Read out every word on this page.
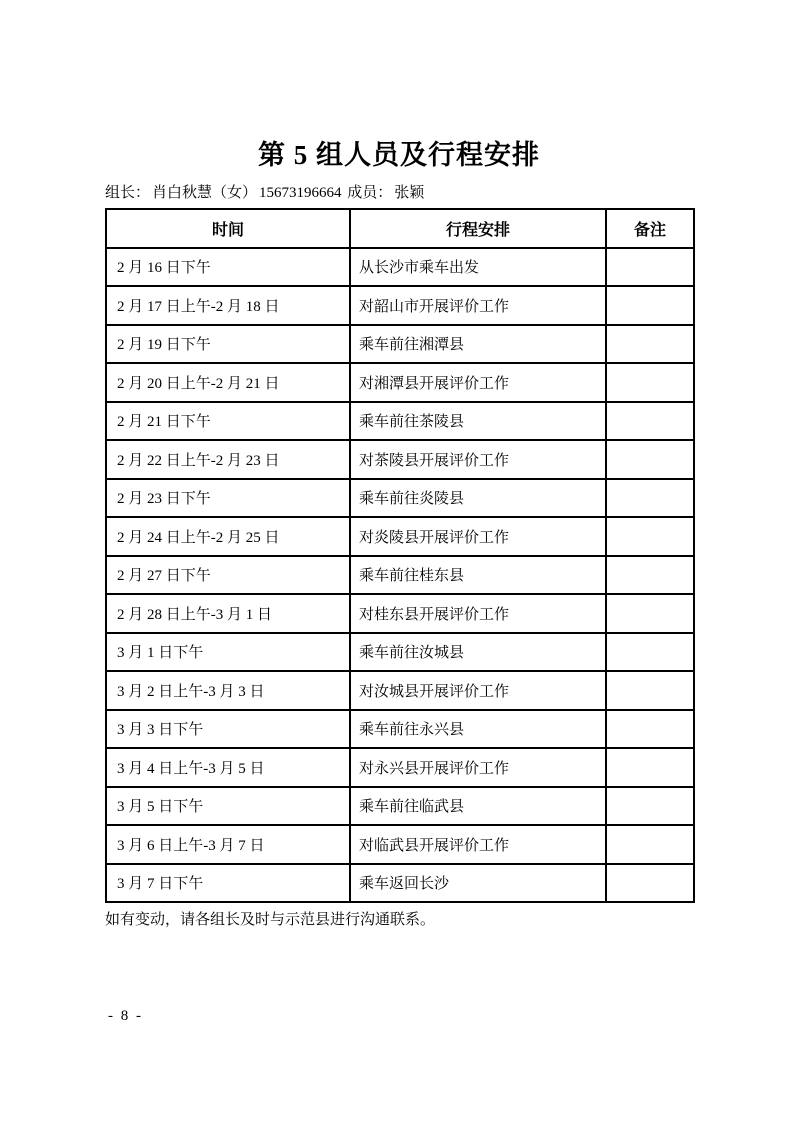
第 5 组人员及行程安排

组长： 肖白秋慧（女） 15673196664 成员： 张颖

时间	行程安排	备注
2 月 16 日下午	从长沙市乘车出发	
2 月 17 日上午-2 月 18 日	对韶山市开展评价工作	
2 月 19 日下午	乘车前往湘潭县	
2 月 20 日上午-2 月 21 日	对湘潭县开展评价工作	
2 月 21 日下午	乘车前往茶陵县	
2 月 22 日上午-2 月 23 日	对茶陵县开展评价工作	
2 月 23 日下午	乘车前往炎陵县	
2 月 24 日上午-2 月 25 日	对炎陵县开展评价工作	
2 月 27 日下午	乘车前往桂东县	
2 月 28 日上午-3 月 1 日	对桂东县开展评价工作	
3 月 1 日下午	乘车前往汝城县	
3 月 2 日上午-3 月 3 日	对汝城县开展评价工作	
3 月 3 日下午	乘车前往永兴县	
3 月 4 日上午-3 月 5 日	对永兴县开展评价工作	
3 月 5 日下午	乘车前往临武县	
3 月 6 日上午-3 月 7 日	对临武县开展评价工作	
3 月 7 日下午	乘车返回长沙	

如有变动，请各组长及时与示范县进行沟通联系。

- 8 -
